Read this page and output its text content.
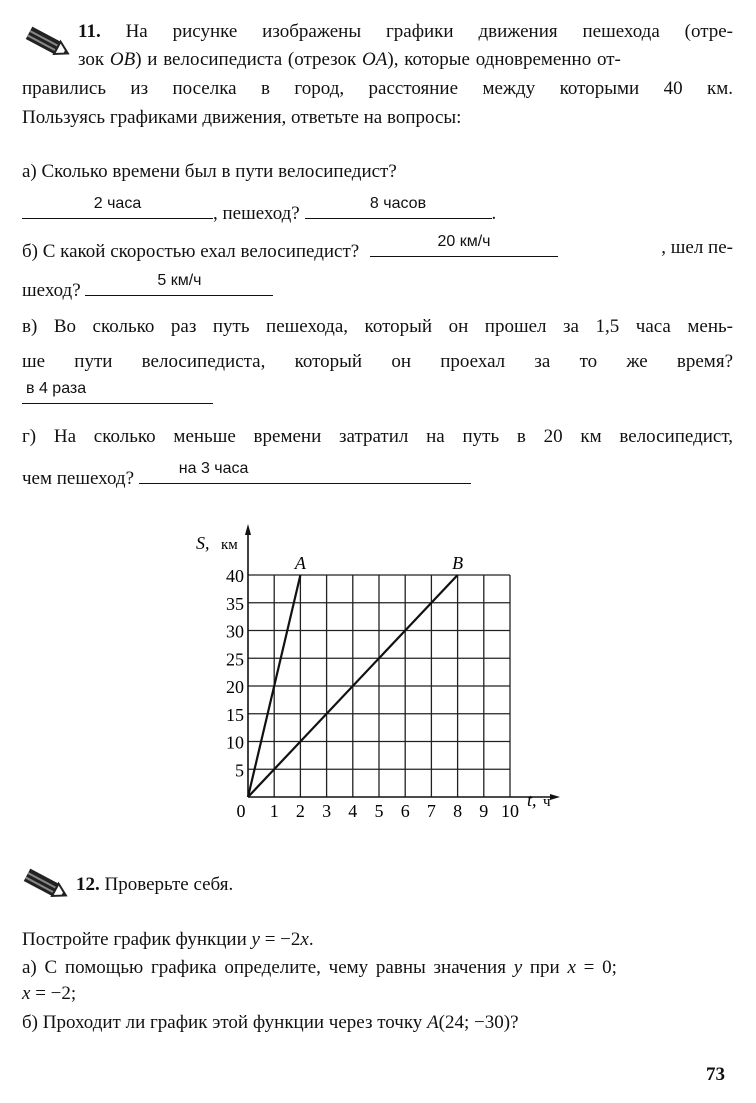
11. На рисунке изображены графики движения пешехода (отре-
зок OB) и велосипедиста (отрезок OA), которые одновременно от-
правились из поселка в город, расстояние между которыми 40 км.
Пользуясь графиками движения, ответьте на вопросы:
а) Сколько времени был в пути велосипедист?
2 часа	, пешеход?	8 часов	.
б) С какой скоростью ехал велосипедист?	20 км/ч	, шел пе-
шеход?	5 км/ч
в) Во сколько раз путь пешехода, который он прошел за 1,5 часа мень-
ше пути велосипедиста, который он проехал за то же время?
в 4 раза
г) На сколько меньше времени затратил на путь в 20 км велосипедист,
чем пешеход?	на 3 часа
0 1 2 3 4 5 6 7 8 9 10
5
10
15
20
25
30
35
40
S, км
t, ч
A	B
12. Проверьте себя.
Постройте график функции y = −2x.
а) С помощью графика определите, чему равны значения y при x = 0;
x = −2;
б) Проходит ли график этой функции через точку A(24; −30)?
73
